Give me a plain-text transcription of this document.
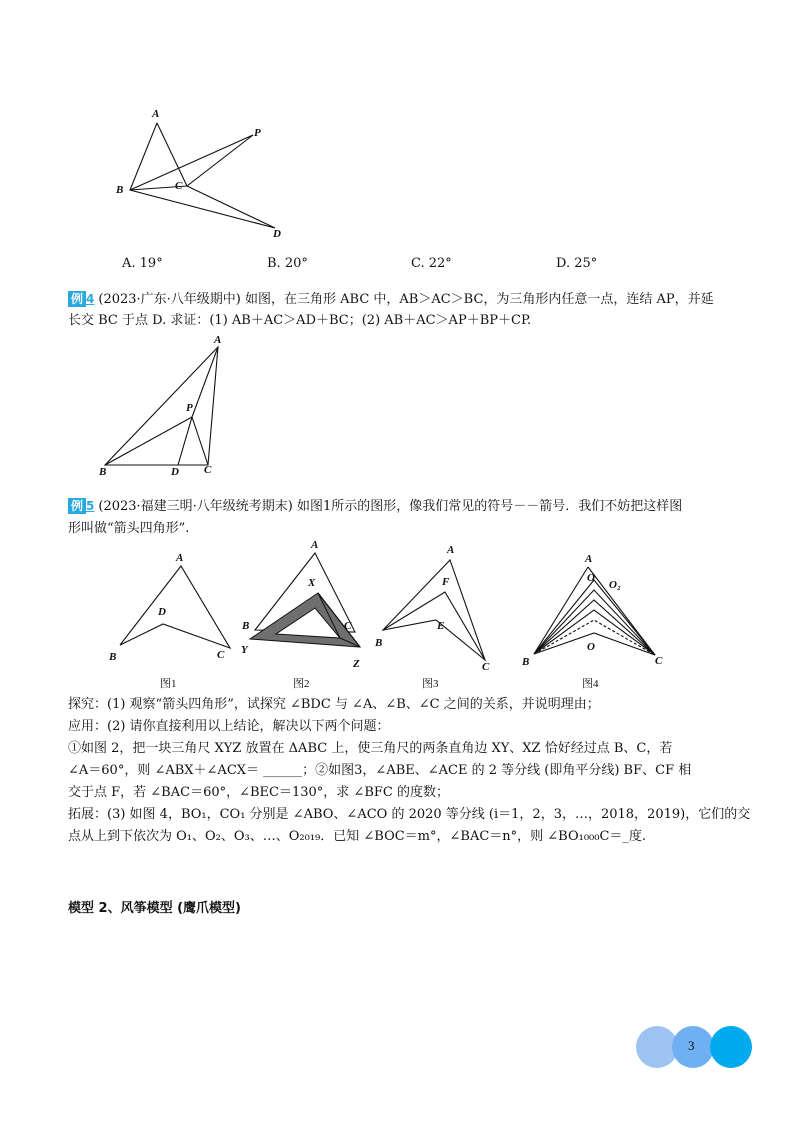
A
P
B	C
D
A. 19°	B. 20°	C. 22°	D. 25°
例 4 (2023·广东·八年级期中) 如图，在三角形 ABC 中，AB＞AC＞BC，为三角形内任意一点，连结 AP，并延
长交 BC 于点 D. 求证：(1) AB＋AC＞AD＋BC；(2) AB＋AC＞AP＋BP＋CP.
A
P
B	D C
例 5 (2023·福建三明·八年级统考期末) 如图1所示的图形，像我们常见的符号－－箭号．我们不妨把这样图
形叫做“箭头四角形”.
A
D
B	C
图1
A
X
B	C
Y
Z
图2
A
F
E
B
C
图3
A
O
O₂
O
B	C
图4
探究：(1) 观察“箭头四角形”，试探究 ∠BDC 与 ∠A、∠B、∠C 之间的关系，并说明理由；
应用：(2) 请你直接利用以上结论，解决以下两个问题：
①如图 2，把一块三角尺 XYZ 放置在 ΔABC 上，使三角尺的两条直角边 XY、XZ 恰好经过点 B、C，若
∠A＝60°，则 ∠ABX＋∠ACX＝ ______；②如图3，∠ABE、∠ACE 的 2 等分线 (即角平分线) BF、CF 相
交于点 F，若 ∠BAC＝60°，∠BEC＝130°，求 ∠BFC 的度数；
拓展：(3) 如图 4，BO₁，CO₁ 分别是 ∠ABO、∠ACO 的 2020 等分线 (i＝1，2，3，…，2018，2019)，它们的交
点从上到下依次为 O₁、O₂、O₃、…、O₂₀₁₉．已知 ∠BOC＝m°，∠BAC＝n°，则 ∠BO₁₀₀₀C＝_度.
模型 2、风筝模型 (鹰爪模型)
3
